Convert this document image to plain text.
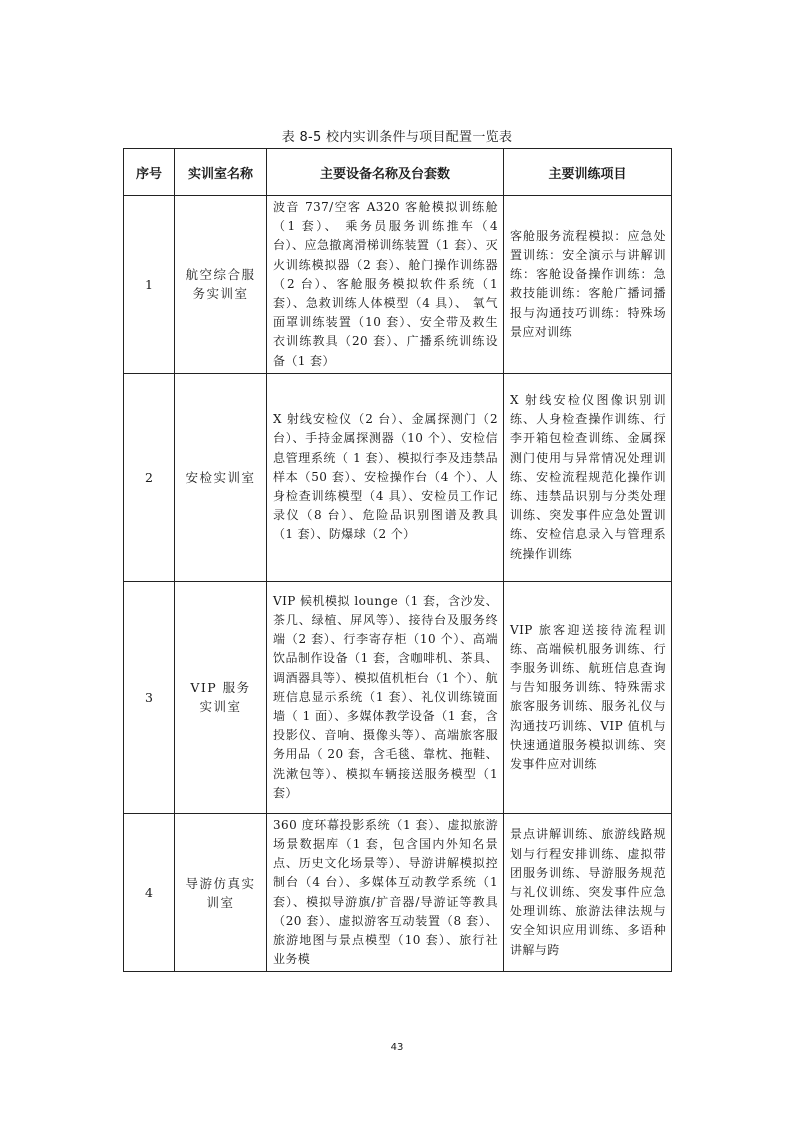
表 8-5 校内实训条件与项目配置一览表
序号	实训室名称	主要设备名称及台套数	主要训练项目
1	航空综合服务实训室	波音 737/空客 A320 客舱模拟训练舱（1 套）、 乘务员服务训练推车（4 台）、应急撤离滑梯训练装置（1 套）、灭火训练模拟器（2 套）、舱门操作训练器（2 台）、客舱服务模拟软件系统（1 套）、急救训练人体模型（4 具）、 氧气面罩训练装置（10 套）、安全带及救生衣训练教具（20 套）、广播系统训练设备（1 套）	客舱服务流程模拟：应急处置训练：安全演示与讲解训练：客舱设备操作训练：急救技能训练：客舱广播词播报与沟通技巧训练：特殊场景应对训练
2	安检实训室	X 射线安检仪（2 台）、金属探测门（2 台）、手持金属探测器（10 个）、安检信息管理系统（ 1 套）、模拟行李及违禁品样本（50 套）、安检操作台（4 个）、人身检查训练模型（4 具）、安检员工作记录仪（8 台）、危险品识别图谱及教具（1 套）、防爆球（2 个）	X 射线安检仪图像识别训练、人身检查操作训练、行李开箱包检查训练、金属探测门使用与异常情况处理训练、安检流程规范化操作训练、违禁品识别与分类处理训练、突发事件应急处置训练、安检信息录入与管理系统操作训练
3	VIP 服务实训室	VIP 候机模拟 lounge（1 套，含沙发、茶几、绿植、屏风等）、接待台及服务终端（2 套）、行李寄存柜（10 个）、高端饮品制作设备（1 套，含咖啡机、茶具、调酒器具等）、模拟值机柜台（1 个）、航班信息显示系统（1 套）、礼仪训练镜面墙（ 1 面）、多媒体教学设备（1 套，含投影仪、音响、摄像头等）、高端旅客服务用品（ 20 套，含毛毯、靠枕、拖鞋、洗漱包等）、模拟车辆接送服务模型（1 套）	VIP 旅客迎送接待流程训练、高端候机服务训练、行李服务训练、航班信息查询与告知服务训练、特殊需求旅客服务训练、服务礼仪与沟通技巧训练、VIP 值机与快速通道服务模拟训练、突发事件应对训练
4	导游仿真实训室	360 度环幕投影系统（1 套）、虚拟旅游场景数据库（1 套，包含国内外知名景点、历史文化场景等）、导游讲解模拟控制台（4 台）、多媒体互动教学系统（1套）、模拟导游旗/扩音器/导游证等教具（20 套）、虚拟游客互动装置（8 套）、旅游地图与景点模型（10 套）、旅行社业务模	景点讲解训练、旅游线路规划与行程安排训练、虚拟带团服务训练、导游服务规范与礼仪训练、突发事件应急处理训练、旅游法律法规与安全知识应用训练、多语种讲解与跨
43
